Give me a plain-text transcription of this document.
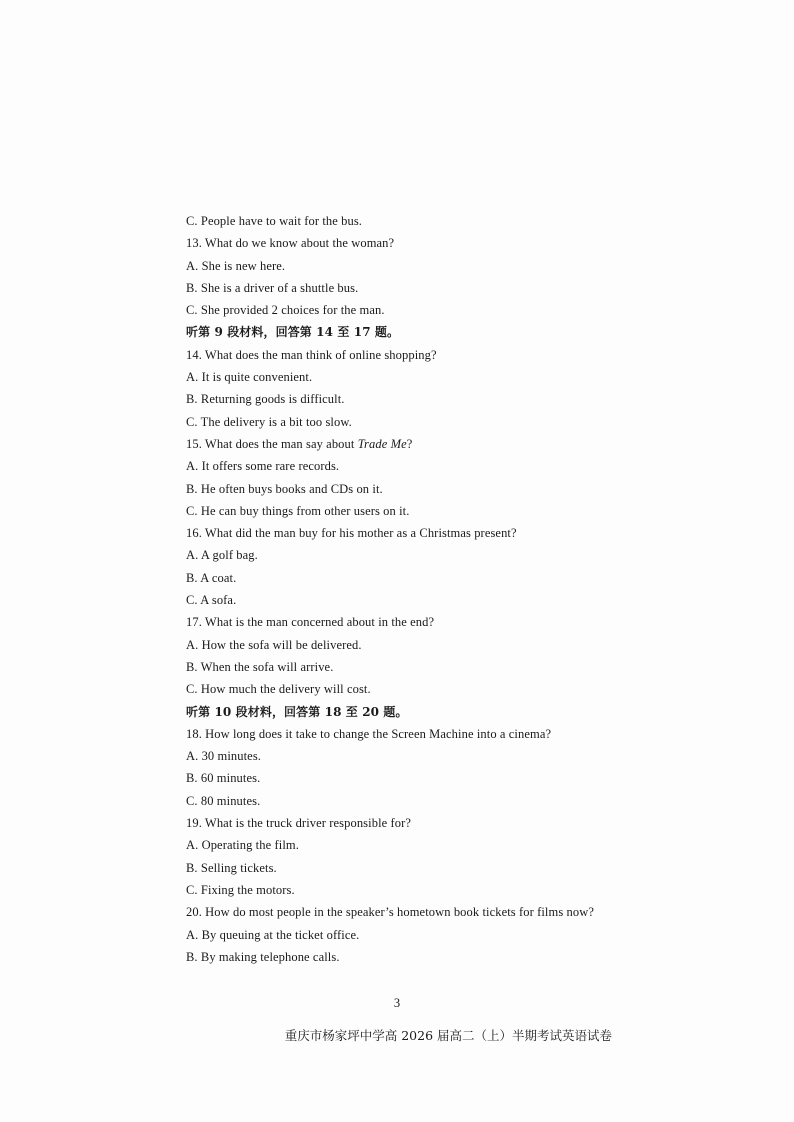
C. People have to wait for the bus.
13. What do we know about the woman?
A. She is new here.
B. She is a driver of a shuttle bus.
C. She provided 2 choices for the man.
听第 9 段材料，回答第 14 至 17 题。
14. What does the man think of online shopping?
A. It is quite convenient.
B. Returning goods is difficult.
C. The delivery is a bit too slow.
15. What does the man say about Trade Me?
A. It offers some rare records.
B. He often buys books and CDs on it.
C. He can buy things from other users on it.
16. What did the man buy for his mother as a Christmas present?
A. A golf bag.
B. A coat.
C. A sofa.
17. What is the man concerned about in the end?
A. How the sofa will be delivered.
B. When the sofa will arrive.
C. How much the delivery will cost.
听第 10 段材料，回答第 18 至 20 题。
18. How long does it take to change the Screen Machine into a cinema?
A. 30 minutes.
B. 60 minutes.
C. 80 minutes.
19. What is the truck driver responsible for?
A. Operating the film.
B. Selling tickets.
C. Fixing the motors.
20. How do most people in the speaker’s hometown book tickets for films now?
A. By queuing at the ticket office.
B. By making telephone calls.
3
重庆市杨家坪中学高 2026 届高二（上）半期考试英语试卷
